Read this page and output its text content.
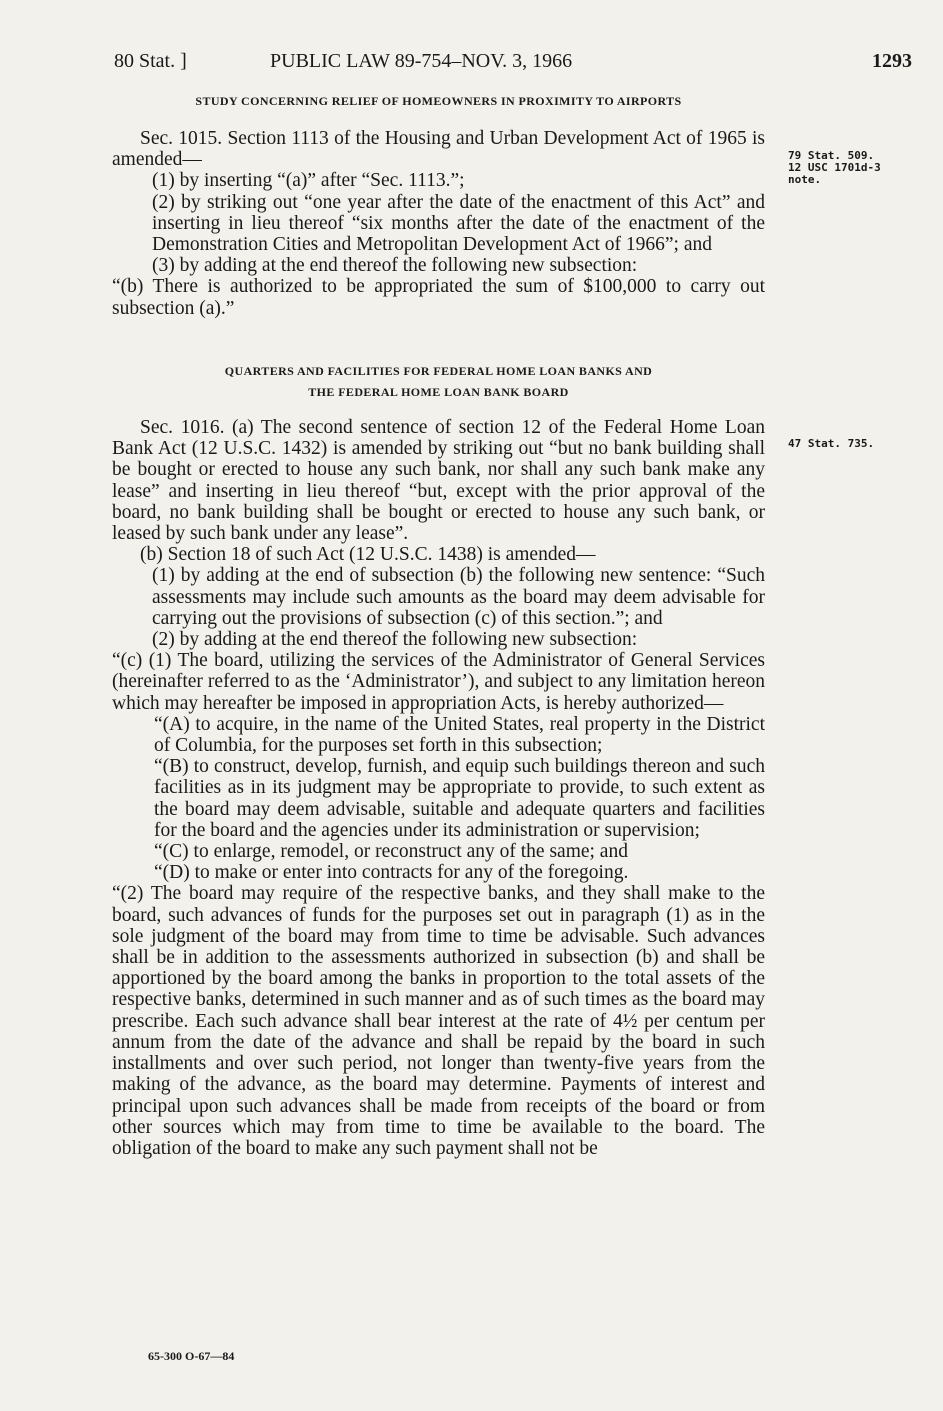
80 Stat. ]	PUBLIC LAW 89-754–NOV. 3, 1966	1293
STUDY CONCERNING RELIEF OF HOMEOWNERS IN PROXIMITY TO AIRPORTS

Sec. 1015. Section 1113 of the Housing and Urban Development Act of 1965 is amended—

(1) by inserting “(a)” after “Sec. 1113.”;

(2) by striking out “one year after the date of the enactment of this Act” and inserting in lieu thereof “six months after the date of the enactment of the Demonstration Cities and Metropolitan Development Act of 1966”; and

(3) by adding at the end thereof the following new subsection:

“(b) There is authorized to be appropriated the sum of $100,000 to carry out subsection (a).”

QUARTERS AND FACILITIES FOR FEDERAL HOME LOAN BANKS AND
THE FEDERAL HOME LOAN BANK BOARD

Sec. 1016. (a) The second sentence of section 12 of the Federal Home Loan Bank Act (12 U.S.C. 1432) is amended by striking out “but no bank building shall be bought or erected to house any such bank, nor shall any such bank make any lease” and inserting in lieu thereof “but, except with the prior approval of the board, no bank building shall be bought or erected to house any such bank, or leased by such bank under any lease”.

(b) Section 18 of such Act (12 U.S.C. 1438) is amended—

(1) by adding at the end of subsection (b) the following new sentence: “Such assessments may include such amounts as the board may deem advisable for carrying out the provisions of subsection (c) of this section.”; and

(2) by adding at the end thereof the following new subsection:

“(c) (1) The board, utilizing the services of the Administrator of General Services (hereinafter referred to as the ‘Administrator’), and subject to any limitation hereon which may hereafter be imposed in appropriation Acts, is hereby authorized—

“(A) to acquire, in the name of the United States, real property in the District of Columbia, for the purposes set forth in this subsection;

“(B) to construct, develop, furnish, and equip such buildings thereon and such facilities as in its judgment may be appropriate to provide, to such extent as the board may deem advisable, suitable and adequate quarters and facilities for the board and the agencies under its administration or supervision;

“(C) to enlarge, remodel, or reconstruct any of the same; and

“(D) to make or enter into contracts for any of the foregoing.

“(2) The board may require of the respective banks, and they shall make to the board, such advances of funds for the purposes set out in paragraph (1) as in the sole judgment of the board may from time to time be advisable. Such advances shall be in addition to the assessments authorized in subsection (b) and shall be apportioned by the board among the banks in proportion to the total assets of the respective banks, determined in such manner and as of such times as the board may prescribe. Each such advance shall bear interest at the rate of 4½ per centum per annum from the date of the advance and shall be repaid by the board in such installments and over such period, not longer than twenty-five years from the making of the advance, as the board may determine. Payments of interest and principal upon such advances shall be made from receipts of the board or from other sources which may from time to time be available to the board. The obligation of the board to make any such payment shall not be

79 Stat. 509.
12 USC 1701d-3
note.
47 Stat. 735.
65-300 O-67—84
